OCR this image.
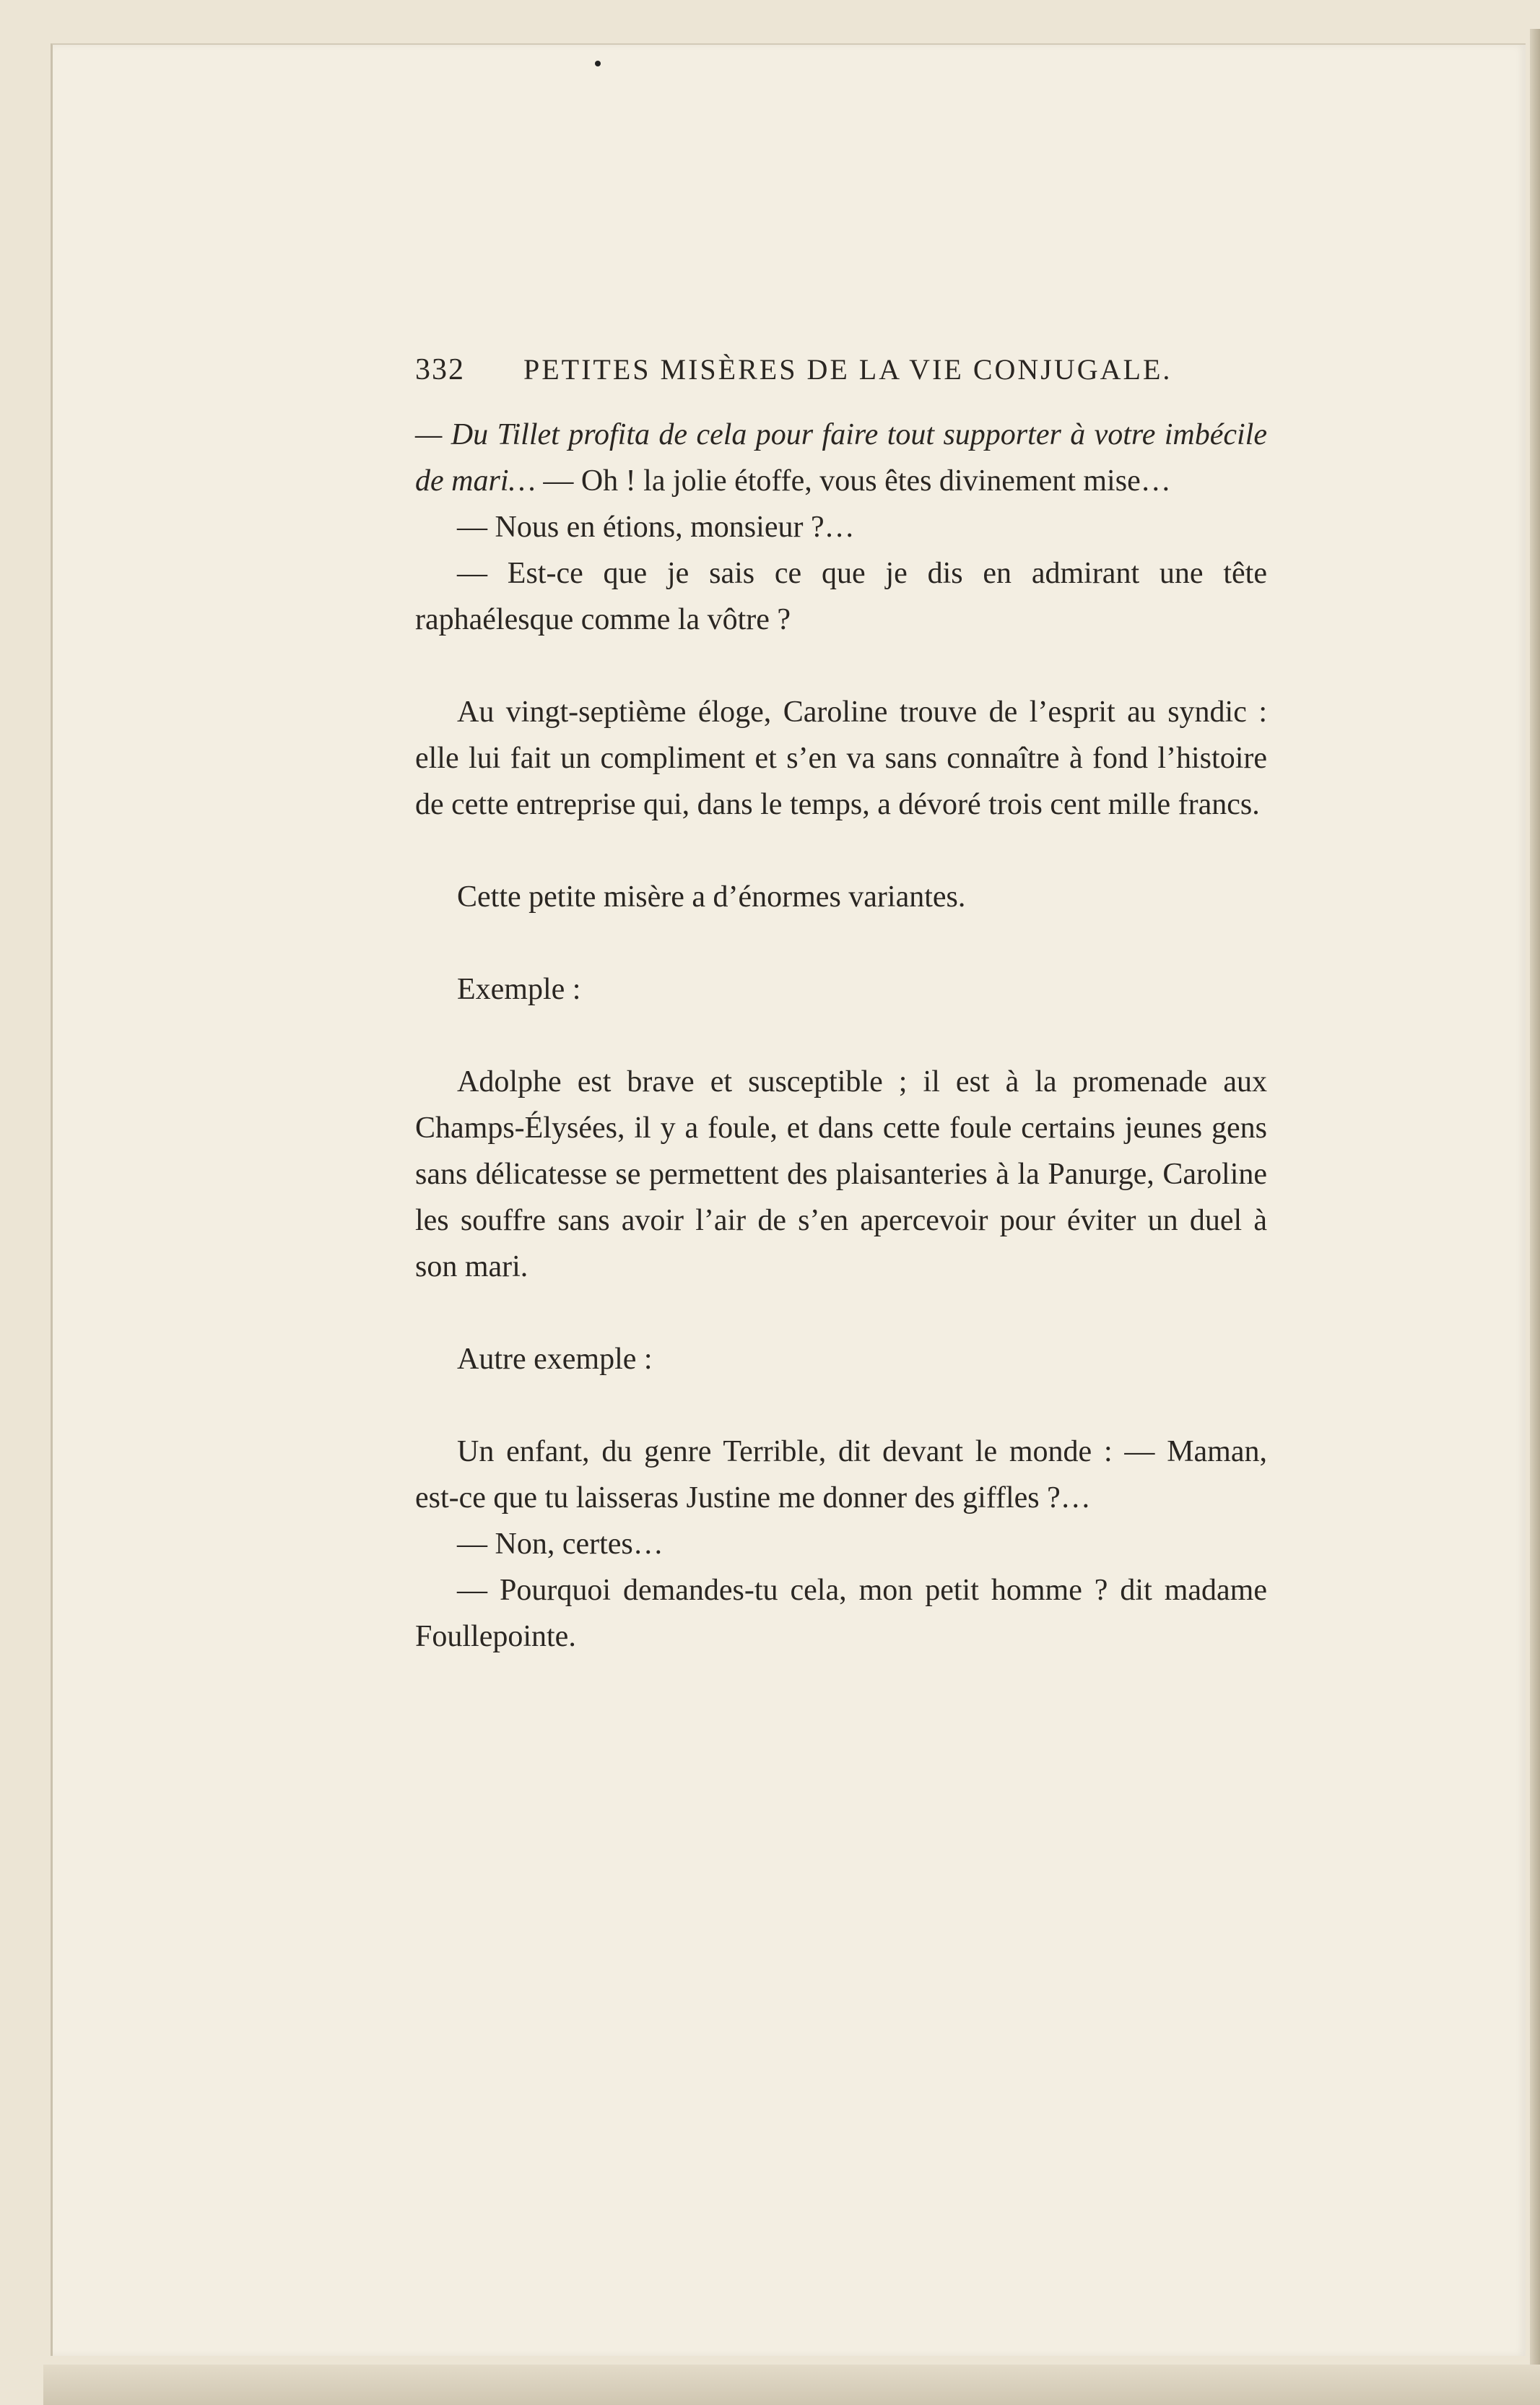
332	PETITES MISÈRES DE LA VIE CONJUGALE.

— Du Tillet profita de cela pour faire tout supporter à votre imbécile de mari… — Oh ! la jolie étoffe, vous êtes divinement mise…

— Nous en étions, monsieur ?…

— Est-ce que je sais ce que je dis en admirant une tête raphaélesque comme la vôtre ?

Au vingt-septième éloge, Caroline trouve de l’esprit au syndic : elle lui fait un compliment et s’en va sans connaître à fond l’histoire de cette entreprise qui, dans le temps, a dévoré trois cent mille francs.

Cette petite misère a d’énormes variantes.

Exemple :

Adolphe est brave et susceptible ; il est à la promenade aux Champs-Élysées, il y a foule, et dans cette foule certains jeunes gens sans délicatesse se permettent des plaisanteries à la Panurge, Caroline les souffre sans avoir l’air de s’en apercevoir pour éviter un duel à son mari.

Autre exemple :

Un enfant, du genre Terrible, dit devant le monde : — Maman, est-ce que tu laisseras Justine me donner des giffles ?…

— Non, certes…

— Pourquoi demandes-tu cela, mon petit homme ? dit madame Foullepointe.
